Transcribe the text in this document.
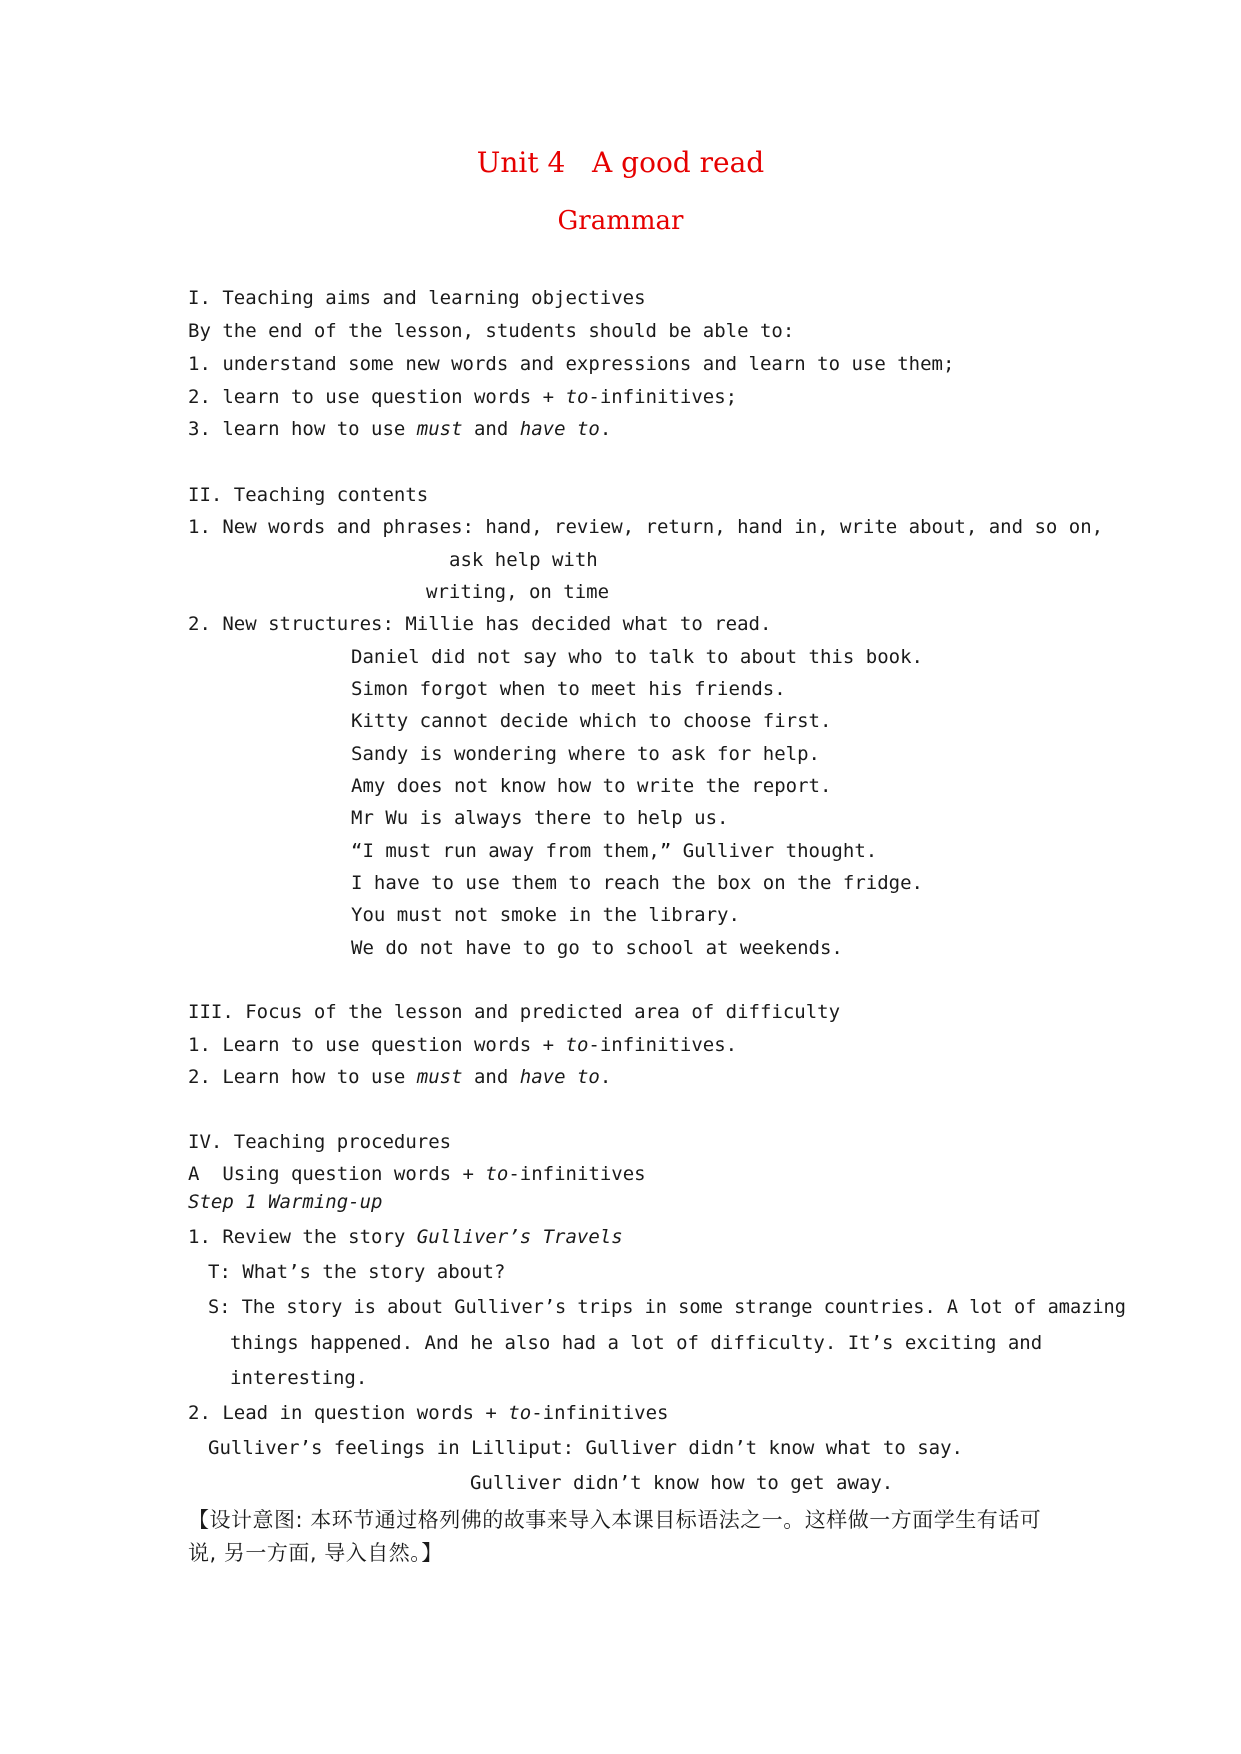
Unit 4   A good read
Grammar
I. Teaching aims and learning objectives
By the end of the lesson, students should be able to:
1. understand some new words and expressions and learn to use them;
2. learn to use question words + to-infinitives;
3. learn how to use must and have to.
II. Teaching contents
1. New words and phrases: hand, review, return, hand in, write about, and so on,
ask help with
writing, on time
2. New structures: Millie has decided what to read.
Daniel did not say who to talk to about this book.
Simon forgot when to meet his friends.
Kitty cannot decide which to choose first.
Sandy is wondering where to ask for help.
Amy does not know how to write the report.
Mr Wu is always there to help us.
“I must run away from them,” Gulliver thought.
I have to use them to reach the box on the fridge.
You must not smoke in the library.
We do not have to go to school at weekends.
III. Focus of the lesson and predicted area of difficulty
1. Learn to use question words + to-infinitives.
2. Learn how to use must and have to.
IV. Teaching procedures
A  Using question words + to-infinitives
Step 1 Warming-up
1. Review the story Gulliver’s Travels
T: What’s the story about?
S: The story is about Gulliver’s trips in some strange countries. A lot of amazing
things happened. And he also had a lot of difficulty. It’s exciting and
interesting.
2. Lead in question words + to-infinitives
Gulliver’s feelings in Lilliput: Gulliver didn’t know what to say.
Gulliver didn’t know how to get away.
【设计意图: 本环节通过格列佛的故事来导入本课目标语法之一。这样做一方面学生有话可
说, 另一方面, 导入自然。】
